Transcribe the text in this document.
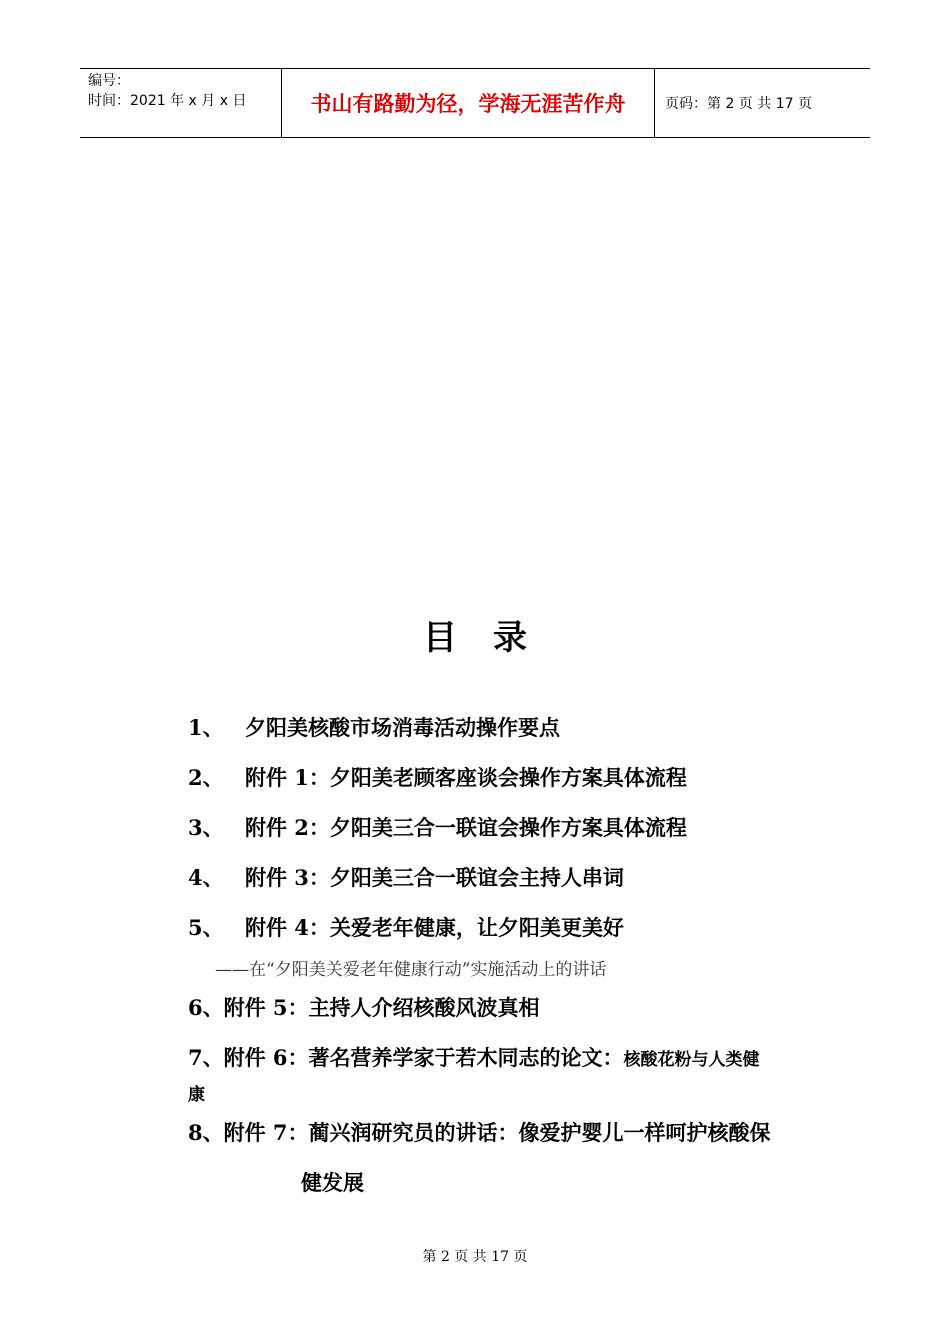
编号：
时间：2021 年 x 月 x 日	书山有路勤为径，学海无涯苦作舟	页码：第 2 页 共 17 页
目录
1、 夕阳美核酸市场消毒活动操作要点
2、 附件 1：夕阳美老顾客座谈会操作方案具体流程
3、 附件 2：夕阳美三合一联谊会操作方案具体流程
4、 附件 3：夕阳美三合一联谊会主持人串词
5、 附件 4：关爱老年健康，让夕阳美更美好
——在“夕阳美关爱老年健康行动”实施活动上的讲话
6、附件 5：主持人介绍核酸风波真相
7、附件 6：著名营养学家于若木同志的论文：核酸花粉与人类健
康
8、附件 7：蔺兴润研究员的讲话：像爱护婴儿一样呵护核酸保
健发展
第 2 页 共 17 页
